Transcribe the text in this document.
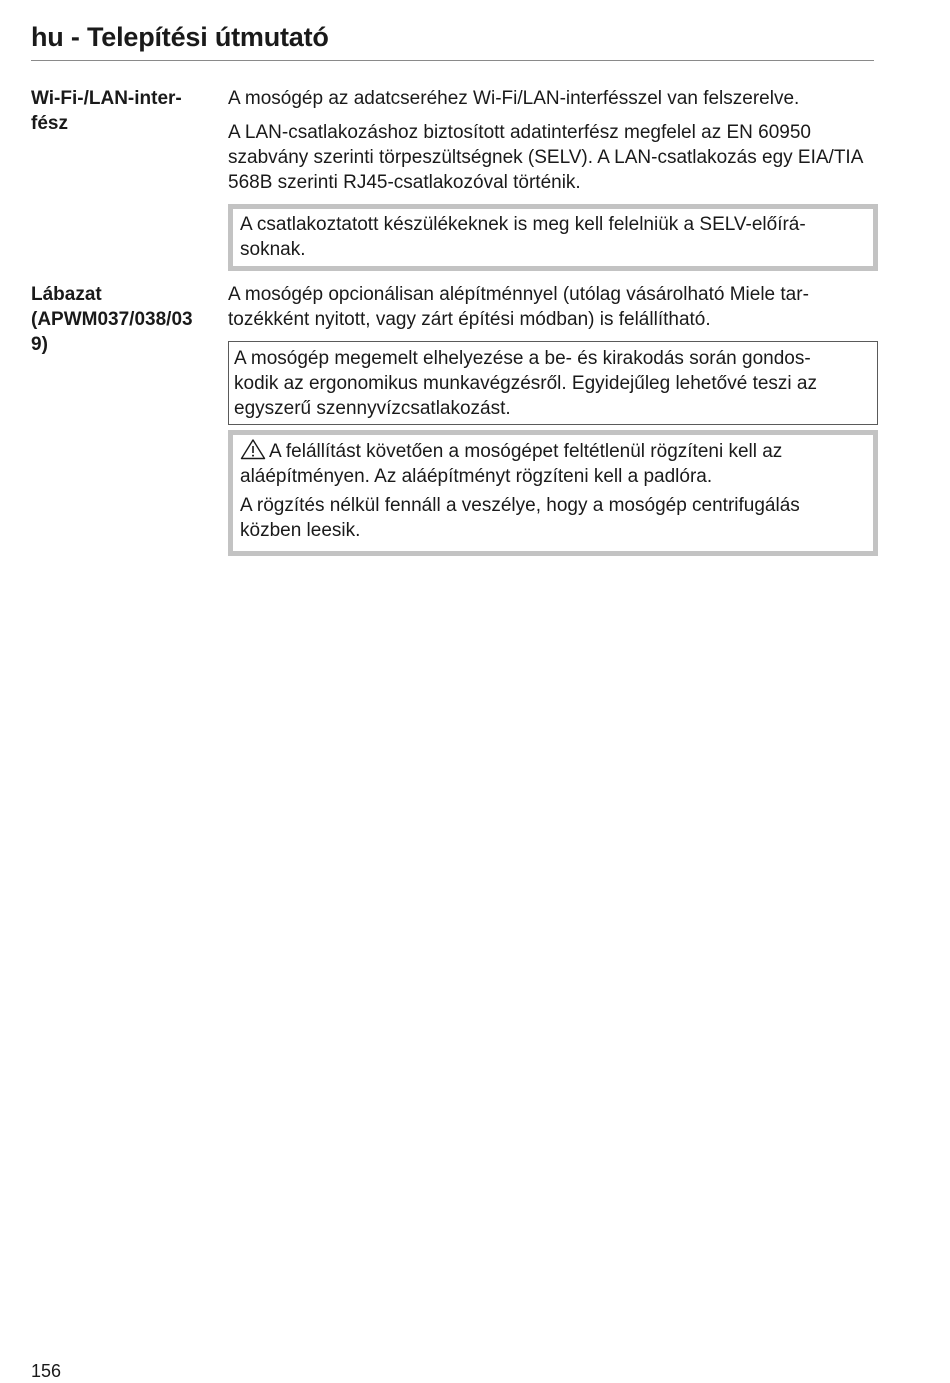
hu - Telepítési útmutató
Wi-Fi-/LAN-inter-
fész

A mosógép az adatcseréhez Wi-Fi/LAN-interfésszel van felszerelve.

A LAN-csatlakozáshoz biztosított adatinterfész megfelel az EN 60950 szabvány szerinti törpeszültségnek (SELV). A LAN-csatlakozás egy EIA/TIA 568B szerinti RJ45-csatlakozóval történik.

A csatlakoztatott készülékeknek is meg kell felelniük a SELV-előírá-
soknak.
Lábazat
(APWM037/038/03
9)

A mosógép opcionálisan alépítménnyel (utólag vásárolható Miele tar- tozékként nyitott, vagy zárt építési módban) is felállítható.

A mosógép megemelt elhelyezése a be- és kirakodás során gondos-
kodik az ergonomikus munkavégzésről. Egyidejűleg lehetővé teszi az
egyszerű szennyvízcsatlakozást.

A felállítást követően a mosógépet feltétlenül rögzíteni kell az
aláépítményen. Az aláépítményt rögzíteni kell a padlóra.

A rögzítés nélkül fennáll a veszélye, hogy a mosógép centrifugálás
közben leesik.

156
